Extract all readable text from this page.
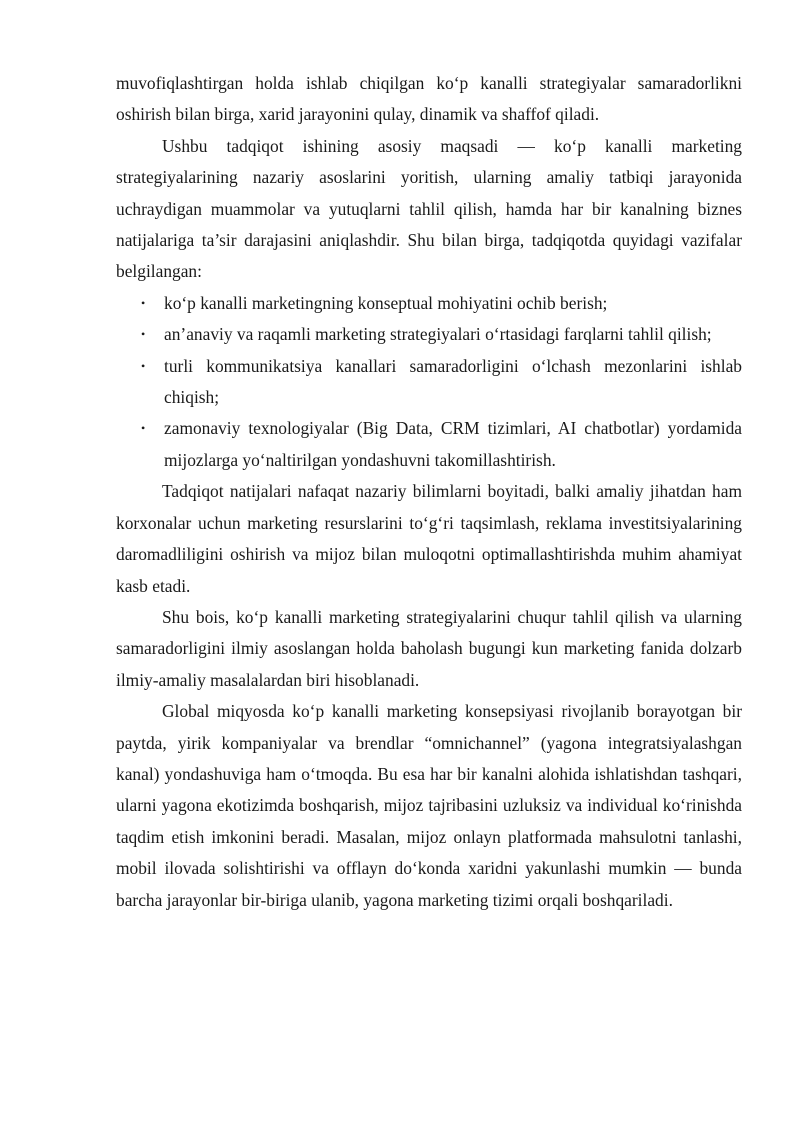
muvofiqlashtirgan holda ishlab chiqilgan ko‘p kanalli strategiyalar samaradorlikni oshirish bilan birga, xarid jarayonini qulay, dinamik va shaffof qiladi.

Ushbu tadqiqot ishining asosiy maqsadi — ko‘p kanalli marketing strategiyalarining nazariy asoslarini yoritish, ularning amaliy tatbiqi jarayonida uchraydigan muammolar va yutuqlarni tahlil qilish, hamda har bir kanalning biznes natijalariga ta’sir darajasini aniqlashdir. Shu bilan birga, tadqiqotda quyidagi vazifalar belgilangan:

• ko‘p kanalli marketingning konseptual mohiyatini ochib berish;
• an’anaviy va raqamli marketing strategiyalari o‘rtasidagi farqlarni tahlil qilish;
• turli kommunikatsiya kanallari samaradorligini o‘lchash mezonlarini ishlab chiqish;
• zamonaviy texnologiyalar (Big Data, CRM tizimlari, AI chatbotlar) yordamida mijozlarga yo‘naltirilgan yondashuvni takomillashtirish.

Tadqiqot natijalari nafaqat nazariy bilimlarni boyitadi, balki amaliy jihatdan ham korxonalar uchun marketing resurslarini to‘g‘ri taqsimlash, reklama investitsiyalarining daromadliligini oshirish va mijoz bilan muloqotni optimallashtirishda muhim ahamiyat kasb etadi.

Shu bois, ko‘p kanalli marketing strategiyalarini chuqur tahlil qilish va ularning samaradorligini ilmiy asoslangan holda baholash bugungi kun marketing fanida dolzarb ilmiy-amaliy masalalardan biri hisoblanadi.

Global miqyosda ko‘p kanalli marketing konsepsiyasi rivojlanib borayotgan bir paytda, yirik kompaniyalar va brendlar “omnichannel” (yagona integratsiyalashgan kanal) yondashuviga ham o‘tmoqda. Bu esa har bir kanalni alohida ishlatishdan tashqari, ularni yagona ekotizimda boshqarish, mijoz tajribasini uzluksiz va individual ko‘rinishda taqdim etish imkonini beradi. Masalan, mijoz onlayn platformada mahsulotni tanlashi, mobil ilovada solishtirishi va offlayn do‘konda xaridni yakunlashi mumkin — bunda barcha jarayonlar bir-biriga ulanib, yagona marketing tizimi orqali boshqariladi.
